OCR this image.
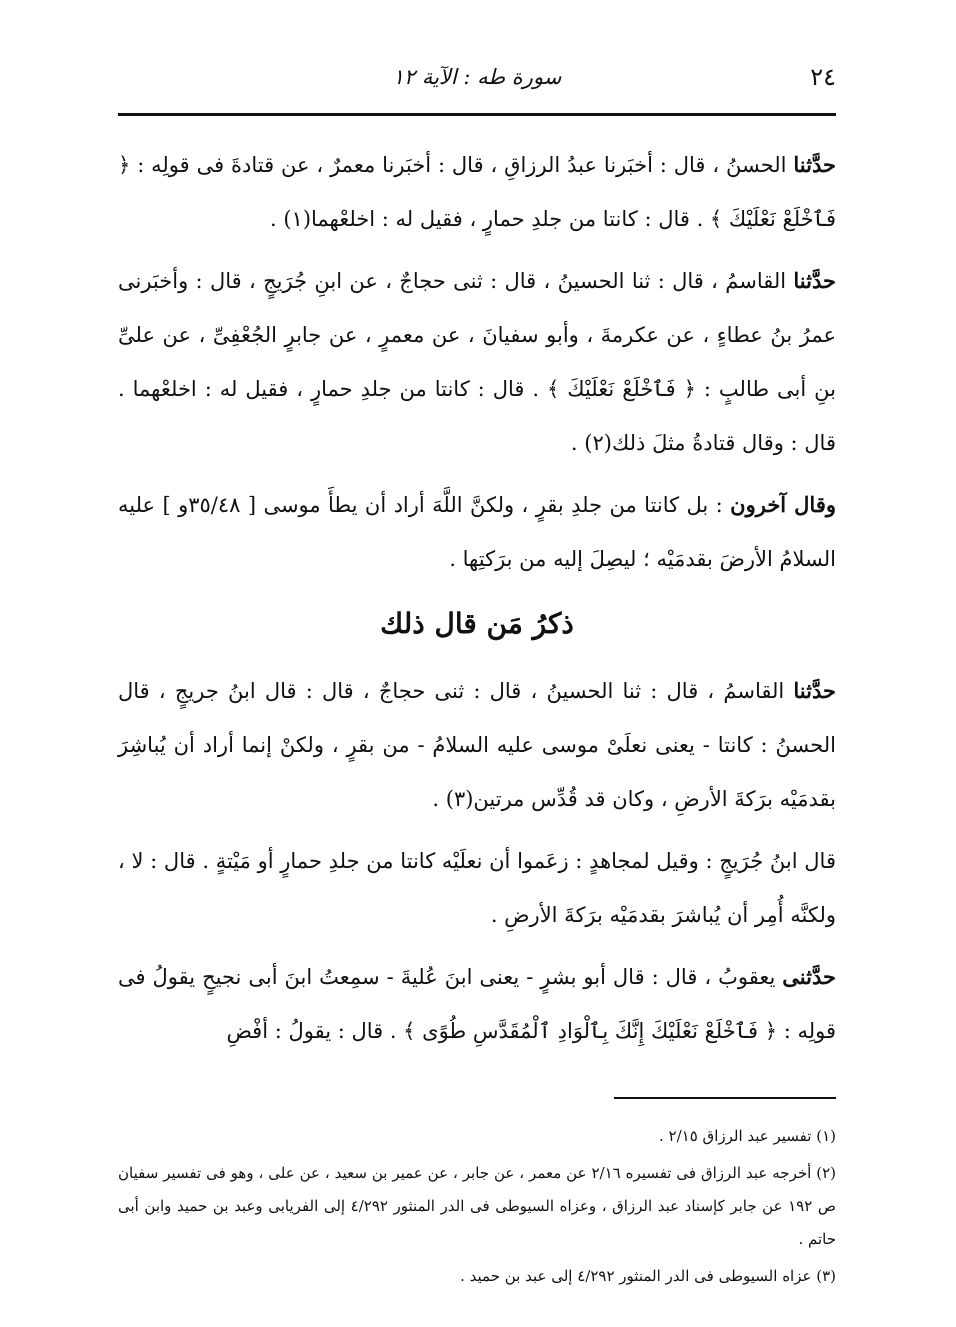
٢٤
سورة طه : الآية ١٢

حدَّثنا الحسنُ ، قال : أخبَرنا عبدُ الرزاقِ ، قال : أخبَرنا معمرٌ ، عن قتادةَ فى قولِه : ﴿ فَٱخْلَعْ نَعْلَيْكَ ﴾ . قال : كانتا من جلدِ حمارٍ ، فقيل له : اخلعْهما(١) .

حدَّثنا القاسمُ ، قال : ثنا الحسينُ ، قال : ثنى حجاجٌ ، عن ابنِ جُرَيجٍ ، قال : وأخبَرنى عمرُ بنُ عطاءٍ ، عن عكرمةَ ، وأبو سفيانَ ، عن معمرٍ ، عن جابرٍ الجُعْفِىِّ ، عن علىِّ بنِ أبى طالبٍ : ﴿ فَٱخْلَعْ نَعْلَيْكَ ﴾ . قال : كانتا من جلدِ حمارٍ ، فقيل له : اخلعْهما . قال : وقال قتادةُ مثلَ ذلك(٢) .

وقال آخرون : بل كانتا من جلدِ بقرٍ ، ولكنَّ اللَّهَ أراد أن يطأَ موسى [ ٣٥/٤٨و ] عليه السلامُ الأرضَ بقدمَيْه ؛ ليصِلَ إليه من برَكتِها .

ذكرُ مَن قال ذلك

حدَّثنا القاسمُ ، قال : ثنا الحسينُ ، قال : ثنى حجاجٌ ، قال : قال ابنُ جريجٍ ، قال الحسنُ : كانتا - يعنى نعلَىْ موسى عليه السلامُ - من بقرٍ ، ولكنْ إنما أراد أن يُباشِرَ بقدمَيْه برَكةَ الأرضِ ، وكان قد قُدِّس مرتين(٣) .

قال ابنُ جُرَيجٍ : وقيل لمجاهدٍ : زعَموا أن نعلَيْه كانتا من جلدِ حمارٍ أو مَيْتةٍ . قال : لا ، ولكنَّه أُمِر أن يُباشرَ بقدمَيْه برَكةَ الأرضِ .

حدَّثنى يعقوبُ ، قال : قال أبو بشرٍ - يعنى ابنَ عُليةَ - سمِعتُ ابنَ أبى نجيحٍ يقولُ فى قولِه : ﴿ فَٱخْلَعْ نَعْلَيْكَ إِنَّكَ بِٱلْوَادِ ٱلْمُقَدَّسِ طُوًى ﴾ . قال : يقولُ : أفْضِ

(١) تفسير عبد الرزاق ٢/١٥ .

(٢) أخرجه عبد الرزاق فى تفسيره ٢/١٦ عن معمر ، عن جابر ، عن عمير بن سعيد ، عن على ، وهو فى تفسير سفيان ص ١٩٢ عن جابر كإسناد عبد الرزاق ، وعزاه السيوطى فى الدر المنثور ٤/٢٩٢ إلى الفريابى وعبد بن حميد وابن أبى حاتم .

(٣) عزاه السيوطى فى الدر المنثور ٤/٢٩٢ إلى عبد بن حميد .
